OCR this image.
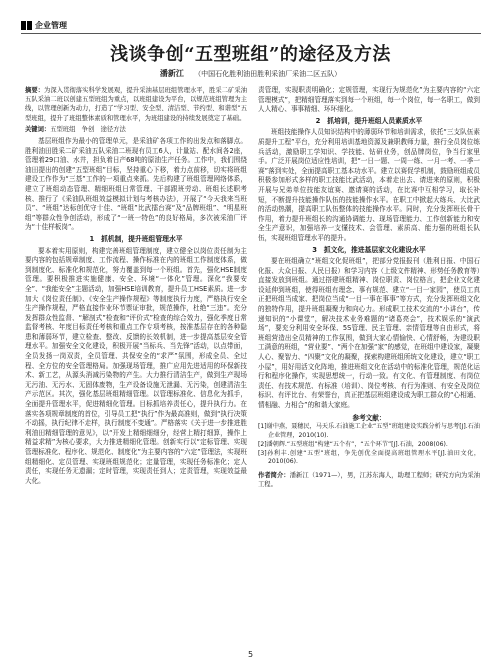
企业管理
浅谈争创“五型班组”的途径及方法
潘新江 （中国石化胜利油田胜利采油厂采油二区五队）

摘要：为深入贯彻落实科学发展观，提升采油基层班组管理水平，胜采二矿采油五队采油二班以创建五型班组为重点，以班组建设为平台，以规范班组管理为主线，以管理创新为动力，打造了“学习型、安全型、清洁型、节约型、和谐型”五型班组，提升了班组整体素质和管理水平，为班组建设的持续发展奠定了基础。

关键词：五型班组　争创　途径方法

基层班组作为最小的管理单元，是采油矿各项工作的出发点和落脚点。胜利油田胜采二矿采油五队采油二班现有员工6人，计量站、配水间各2座，管理着29口油、水井，担负着日产68吨的原油生产任务。工作中，我们围绕油田提出的创建“五型班组”目标，坚持重心下移，着力点前移，切实将班组建设工作作为“三基”工作的一项重点来抓。先后构建了班组管理网络体系，建立了班组动态管理、精细班组日常管理、干部跟班劳动、班组长述职考核、推行了《采油队班组效益模拟计划与考核办法》，开展了“今天我来当班员”、“班组”达标创优守十佳、“班组”比武擂台赛“及“品牌班组”、“明星班组”等群众性争创活动，形成了“一班一特色”的良好格局，多次被采油厂评为“十佳样板岗”。

1　抓机制，提升班组管理水平

要本着实用原则，构建完善班组管理制度，建立健全以岗位责任制为主要内容的包括规章制度、工作流程、操作标准在内的班组工作制度体系，做到制度化、标准化和规范化，努力覆盖到每一个班组。首先，强化HSE制度管理。要积极推进实施健康、安全、环境“一体化”管理。深化“我要安全”、“我能安全”主题活动，加强HSE培训教育，提升员工HSE素质。进一步加大《岗位责任制》、《安全生产操作规程》等制度执行力度，严格执行安全生产操作规程，严格直接作业环节票证审批，规范操作，杜绝“三违”。充分发挥群众性监督、“解剖式”检查和“评价式”检查的综合效力，强化季度日常监督考核、年度目标责任考核和重点工作专项考核，按准基层存在的各种隐患和薄弱环节，建立检查、整改、反馈的长效机制，进一步提高基层安全管理水平。加强安全文化建设，积极开展“当标兵、当先锋”活动，以点带面，全员发扬一岗双责，全员管理、共保安全的“求严”氛围，形成全员、全过程、全方位的安全管理格局。加强现场管理，推广应用先进适用的环保新技术、新工艺，从源头消减污染物的产生。大力推行清洁生产，做到生产现场无污油、无污水、无固体废物，生产设备设施无泄漏、无污染，创建清洁生产示范区。其次，强化基层班组精细管理。以管理标准化、信息化为抓手，全面提升管理水平，促进精细化管理。目标抓培养责任心，提升执行力。在落实各项规章制度的首位，引导员工把“执行”作为最高准则，做到“执行决策不动摇，执行纪律不走样，执行制度不变通”。严格落实《关于进一步推进胜利油田精细管理的意见》，以“开发上精细细细分，经营上精打细算，操作上精益求精”为核心要求，大力推进精细化管理。创新实行以“定标管理、实现管理标准化、程序化、规范化、制度化”为主要内容的“六定”管理法，实现班组精细化、定员管理、实现班组规范化；定量管理，实现任务标准化；定人责任，实现任务无遗漏；定时管理，实现责任到人；定责管理，实现效益最大化。

责管理，实现职责明确化；定规管理，实现行为规范化”为主要内容的“六定管理模式”，把精细管理落实到每一个班组，每一个岗位，每一名职工，做到人人精心、事事精细、环环细化。

2　抓培训，提升班组人员素质水平

班组技能操作人员知识结构中的薄弱环节和培训需求，依托“三支队伍素质提升工程”平台，充分利用培训基地资源及兼职教师力量，推行全员岗位练兵活动，激励职工学知识、学技能、钻研业务，创品牌岗位，争当行家里手。广泛开展岗位适应性培训，把“一日一题、一周一练、一月一考、一季一赛”落到实处，全面提高职工基本功水平。建立以赛促学机制，鼓励班组成员积极参加形式多样的职工技能比武活动，本着走出去、请进来的原则，积极开展与兄弟单位技能友谊赛、邀请赛的活动，在比赛中互相学习，取长补短，不断提升技能操作队伍的技能操作水平。在职工中掀起大练兵、大比武的活动热潮，提高职工队伍整体的技能操作水平。同时，充分发挥班长骨干作用，着力提升班组长的沟通协调能力、现场管理能力、工作创新能力和安全生产意识，加强培养一支懂技术、会管理、素质高、能力强的班组长队伍，实现班组管理水平的提升。

3　抓文化，推进基层家文化建设水平

要在班组确立“班组文化促班组”，把部分党报报刊（胜利日报、中国石化报、大众日报、人民日报）和学习内容（上级文件精神、形势任务教育等）直接发放到班组。通过搭建班组精神、岗位职责、岗位格言，把企业文化建设延伸到班组，使得班组有理念、事有规范、建立“一目一家园”，使员工真正把班组当成家、把岗位当成“一目一事在事事”等方式，充分发挥班组文化的独特作用，提升班组凝聚力和向心力。形成职工技术交流的“小讲台”，传递知识的“小课堂”，解决技术业务难题的“诸葛亮会”，技术娱乐的“演武场”，要充分利用安全环保、5S管理、民主管理、亲情管理等自由形式，将班组营造出全员精神的工作氛围，做到大家心情愉快、心情舒畅，为建设职工满意的班组，“营业要”、“两个在加强“家”的感觉，在班组中建设家，凝聚人心、聚智力、“四聚”文化的凝聚，探索构建班组所统文化建设，建立“职工小屋”，用好用活文化阵地，推进班组文化在活动中的标准化管理，规范化运行和程序化操作，实现思想统一，行动一致。有文化、有管理制度、有岗位责任、有技术规范、有标准（培训）、岗位考核、有行为准则、有安全及岗位标识、有评比台、有荣誉台，真正把基层班组建设成为职工群众的“心相通、情相融、力相合”的和谐大家庭。

参考文献：

[1]谢中燕，聂穗民，马天乐.石油施工企业“五型”班组建设实践分析与思考[J].石油企业管理，2010(10).

[2]潘朝辉.“五型班组”构建“五个有”，“五个环节”[J].石油，2008(06).

[3]孙利丰.创建“五型”班组，争先创优全面提高班组管理水平[J].油田文化，2010(06).

作者简介：潘新江（1971—），男，江苏东海人，助理工程师；研究方向为采油工程。

5
